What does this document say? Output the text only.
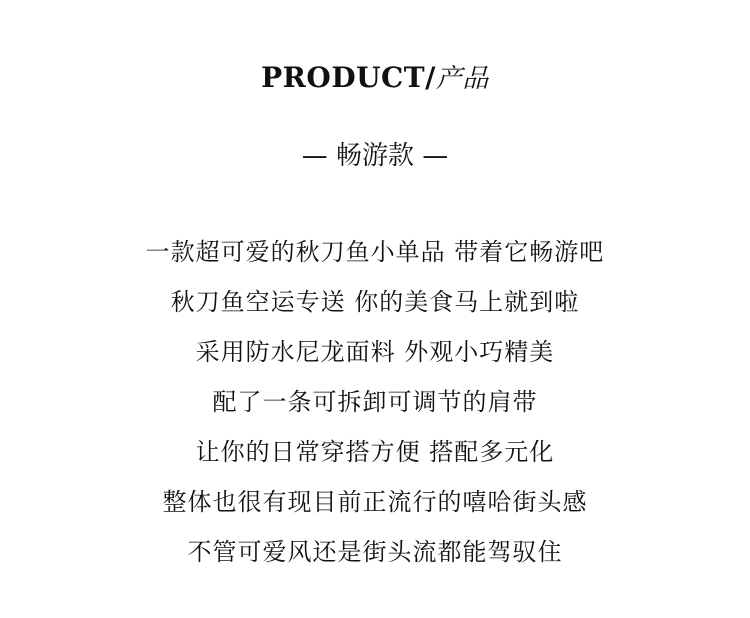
PRODUCT/产品
— 畅游款 —
一款超可爱的秋刀鱼小单品 带着它畅游吧
秋刀鱼空运专送 你的美食马上就到啦
采用防水尼龙面料 外观小巧精美
配了一条可拆卸可调节的肩带
让你的日常穿搭方便 搭配多元化
整体也很有现目前正流行的嘻哈街头感
不管可爱风还是街头流都能驾驭住
